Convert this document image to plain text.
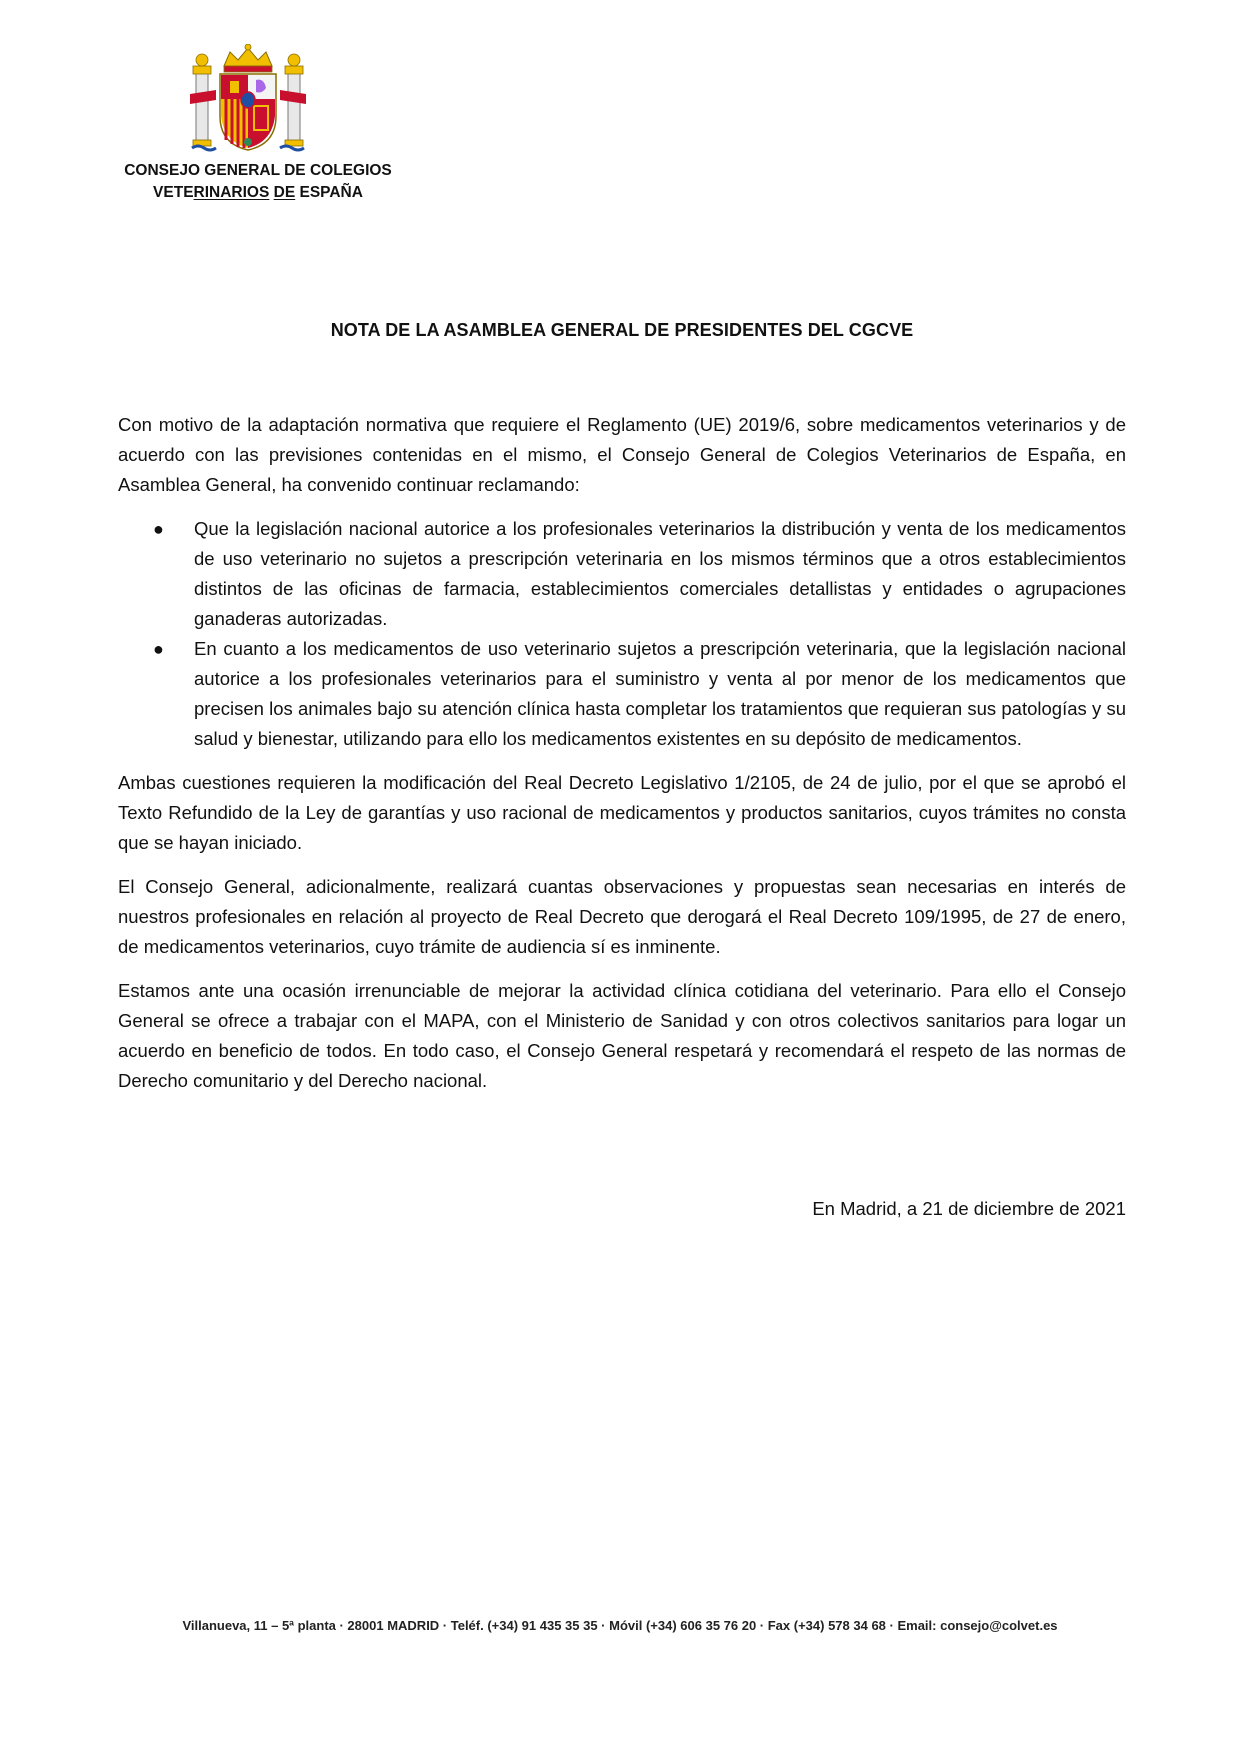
CONSEJO GENERAL DE COLEGIOS
VETERINARIOS DE ESPAÑA
NOTA DE LA ASAMBLEA GENERAL DE PRESIDENTES DEL CGCVE

Con motivo de la adaptación normativa que requiere el Reglamento (UE) 2019/6, sobre medicamentos veterinarios y de acuerdo con las previsiones contenidas en el mismo, el Consejo General de Colegios Veterinarios de España, en Asamblea General, ha convenido continuar reclamando:

● Que la legislación nacional autorice a los profesionales veterinarios la distribución y venta de los medicamentos de uso veterinario no sujetos a prescripción veterinaria en los mismos términos que a otros establecimientos distintos de las oficinas de farmacia, establecimientos comerciales detallistas y entidades o agrupaciones ganaderas autorizadas.
● En cuanto a los medicamentos de uso veterinario sujetos a prescripción veterinaria, que la legislación nacional autorice a los profesionales veterinarios para el suministro y venta al por menor de los medicamentos que precisen los animales bajo su atención clínica hasta completar los tratamientos que requieran sus patologías y su salud y bienestar, utilizando para ello los medicamentos existentes en su depósito de medicamentos.

Ambas cuestiones requieren la modificación del Real Decreto Legislativo 1/2105, de 24 de julio, por el que se aprobó el Texto Refundido de la Ley de garantías y uso racional de medicamentos y productos sanitarios, cuyos trámites no consta que se hayan iniciado.

El Consejo General, adicionalmente, realizará cuantas observaciones y propuestas sean necesarias en interés de nuestros profesionales en relación al proyecto de Real Decreto que derogará el Real Decreto 109/1995, de 27 de enero, de medicamentos veterinarios, cuyo trámite de audiencia sí es inminente.

Estamos ante una ocasión irrenunciable de mejorar la actividad clínica cotidiana del veterinario. Para ello el Consejo General se ofrece a trabajar con el MAPA, con el Ministerio de Sanidad y con otros colectivos sanitarios para logar un acuerdo en beneficio de todos. En todo caso, el Consejo General respetará y recomendará el respeto de las normas de Derecho comunitario y del Derecho nacional.

En Madrid, a 21 de diciembre de 2021
Villanueva, 11 – 5ª planta · 28001 MADRID · Teléf. (+34) 91 435 35 35 · Móvil (+34) 606 35 76 20 · Fax (+34) 578 34 68 · Email: consejo@colvet.es
